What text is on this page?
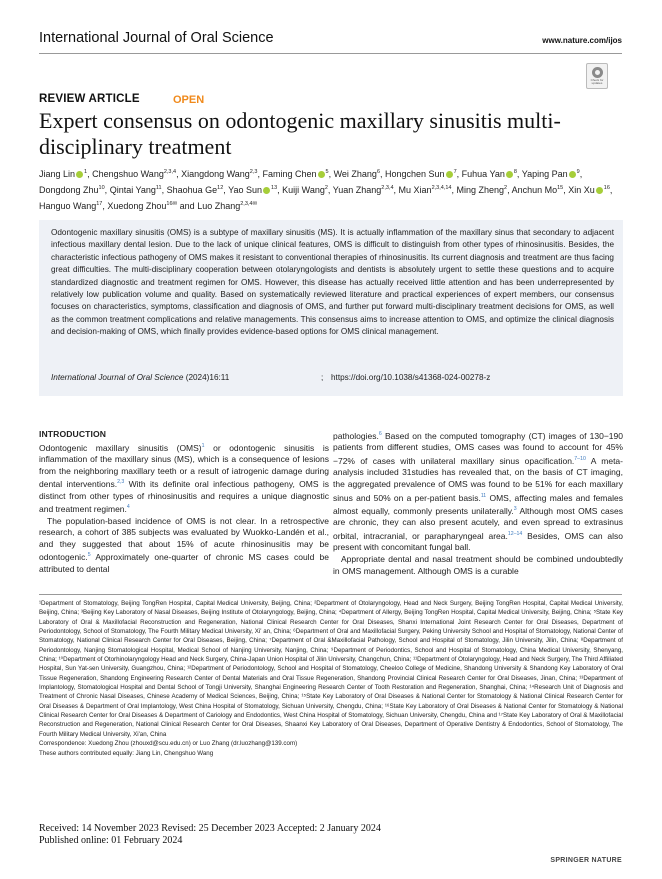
International Journal of Oral Science	www.nature.com/ijos
Check for updates
REVIEW ARTICLE	OPEN
Expert consensus on odontogenic maxillary sinusitis multi-disciplinary treatment
Jiang Lin $^1$, Chengshuo Wang$^{2,3,4}$, Xiangdong Wang$^{2,3}$, Faming Chen $^5$, Wei Zhang$^6$, Hongchen Sun $^7$, Fuhua Yan $^8$, Yaping Pan $^9$, Dongdong Zhu$^{10}$, Qintai Yang$^{11}$, Shaohua Ge$^{12}$, Yao Sun $^{13}$, Kuiji Wang$^2$, Yuan Zhang$^{2,3,4}$, Mu Xian$^{2,3,4,14}$, Ming Zheng$^2$, Anchun Mo$^{15}$, Xin Xu $^{16}$, Hanguo Wang$^{17}$, Xuedong Zhou$^{16✉}$ and Luo Zhang$^{2,3,4✉}$
Odontogenic maxillary sinusitis (OMS) is a subtype of maxillary sinusitis (MS). It is actually inflammation of the maxillary sinus that secondary to adjacent infectious maxillary dental lesion. Due to the lack of unique clinical features, OMS is difficult to distinguish from other types of rhinosinusitis. Besides, the characteristic infectious pathogeny of OMS makes it resistant to conventional therapies of rhinosinusitis. Its current diagnosis and treatment are thus facing great difficulties. The multi-disciplinary cooperation between otolaryngologists and dentists is absolutely urgent to settle these questions and to acquire standardized diagnostic and treatment regimen for OMS. However, this disease has actually received little attention and has been underrepresented by relatively low publication volume and quality. Based on systematically reviewed literature and practical experiences of expert members, our consensus focuses on characteristics, symptoms, classification and diagnosis of OMS, and further put forward multi-disciplinary treatment decisions for OMS, as well as the common treatment complications and relative managements. This consensus aims to increase attention to OMS, and optimize the clinical diagnosis and decision-making of OMS, which finally provides evidence-based options for OMS clinical management.
International Journal of Oral Science (2024)16:11	; https://doi.org/10.1038/s41368-024-00278-z

INTRODUCTION

Odontogenic maxillary sinusitis (OMS)$^1$ or odontogenic sinusitis is inflammation of the maxillary sinus (MS), which is a consequence of lesions from the neighboring maxillary teeth or a result of iatrogenic damage during dental interventions.$^{2,3}$ With its definite oral infectious pathogeny, OMS is distinct from other types of rhinosinusitis and requires a unique diagnostic and treatment regimen.$^4$

The population-based incidence of OMS is not clear. In a retrospective research, a cohort of 385 subjects was evaluated by Wuokko-Landén et al., and they suggested that about 15% of acute rhinosinusitis may be odontogenic.$^5$ Approximately one-quarter of chronic MS cases could be attributed to dental

pathologies.$^6$ Based on the computed tomography (CT) images of 130−190 patients from different studies, OMS cases was found to account for 45%−72% of cases with unilateral maxillary sinus opacification.$^{7-10}$ A meta-analysis included 31studies has revealed that, on the basis of CT imaging, the aggregated prevalence of OMS was found to be 51% for each maxillary sinus and 50% on a per-patient basis.$^{11}$ OMS, affecting males and females almost equally, commonly presents unilaterally.$^3$ Although most OMS cases are chronic, they can also present acutely, and even spread to extrasinus orbital, intracranial, or parapharyngeal area.$^{12-14}$ Besides, OMS can also present with concomitant fungal ball.

Appropriate dental and nasal treatment should be combined undoubtedly in OMS management. Although OMS is a curable

¹Department of Stomatology, Beijing TongRen Hospital, Capital Medical University, Beijing, China; ²Department of Otolaryngology, Head and Neck Surgery, Beijing TongRen Hospital, Capital Medical University, Beijing, China; ³Beijing Key Laboratory of Nasal Diseases, Beijing Institute of Otolaryngology, Beijing, China; ⁴Department of Allergy, Beijing TongRen Hospital, Capital Medical University, Beijing, China; ⁵State Key Laboratory of Oral & Maxillofacial Reconstruction and Regeneration, National Clinical Research Center for Oral Diseases, Shanxi International Joint Research Center for Oral Diseases, Department of Periodontology, School of Stomatology, The Fourth Military Medical University, Xi' an, China; ⁶Department of Oral and Maxillofacial Surgery, Peking University School and Hospital of Stomatology, National Center of Stomatology, National Clinical Research Center for Oral Diseases, Beijing, China; ⁷Department of Oral &Maxillofacial Pathology, School and Hospital of Stomatology, Jilin University, Jilin, China; ⁸Department of Periodontology, Nanjing Stomatological Hospital, Medical School of Nanjing University, Nanjing, China; ⁹Department of Periodontics, School and Hospital of Stomatology, China Medical University, Shenyang, China; ¹⁰Department of Otorhinolaryngology Head and Neck Surgery, China-Japan Union Hospital of Jilin University, Changchun, China; ¹¹Department of Otolaryngology, Head and Neck Surgery, The Third Affiliated Hospital, Sun Yat-sen University, Guangzhou, China; ¹²Department of Periodontology, School and Hospital of Stomatology, Cheeloo College of Medicine, Shandong University & Shandong Key Laboratory of Oral Tissue Regeneration, Shandong Engineering Research Center of Dental Materials and Oral Tissue Regeneration, Shandong Provincial Clinical Research Center for Oral Diseases, Jinan, China; ¹³Department of Implantology, Stomatological Hospital and Dental School of Tongji University, Shanghai Engineering Research Center of Tooth Restoration and Regeneration, Shanghai, China; ¹⁴Research Unit of Diagnosis and Treatment of Chronic Nasal Diseases, Chinese Academy of Medical Sciences, Beijing, China; ¹⁵State Key Laboratory of Oral Diseases & National Center for Stomatology & National Clinical Research Center for Oral Diseases & Department of Oral Implantology, West China Hospital of Stomatology, Sichuan University, Chengdu, China; ¹⁶State Key Laboratory of Oral Diseases & National Center for Stomatology & National Clinical Research Center for Oral Diseases & Department of Cariology and Endodontics, West China Hospital of Stomatology, Sichuan University, Chengdu, China and ¹⁷State Key Laboratory of Oral & Maxillofacial Reconstruction and Regeneration, National Clinical Research Center for Oral Diseases, Shaanxi Key Laboratory of Oral Diseases, Department of Operative Dentistry & Endodontics, School of Stomatology, The Fourth Military Medical University, Xi'an, China
Correspondence: Xuedong Zhou (zhouxd@scu.edu.cn) or Luo Zhang (dr.luozhang@139.com)
These authors contributed equally: Jiang Lin, Chengshuo Wang
Received: 14 November 2023 Revised: 25 December 2023 Accepted: 2 January 2024
Published online: 01 February 2024
SPRINGER NATURE
